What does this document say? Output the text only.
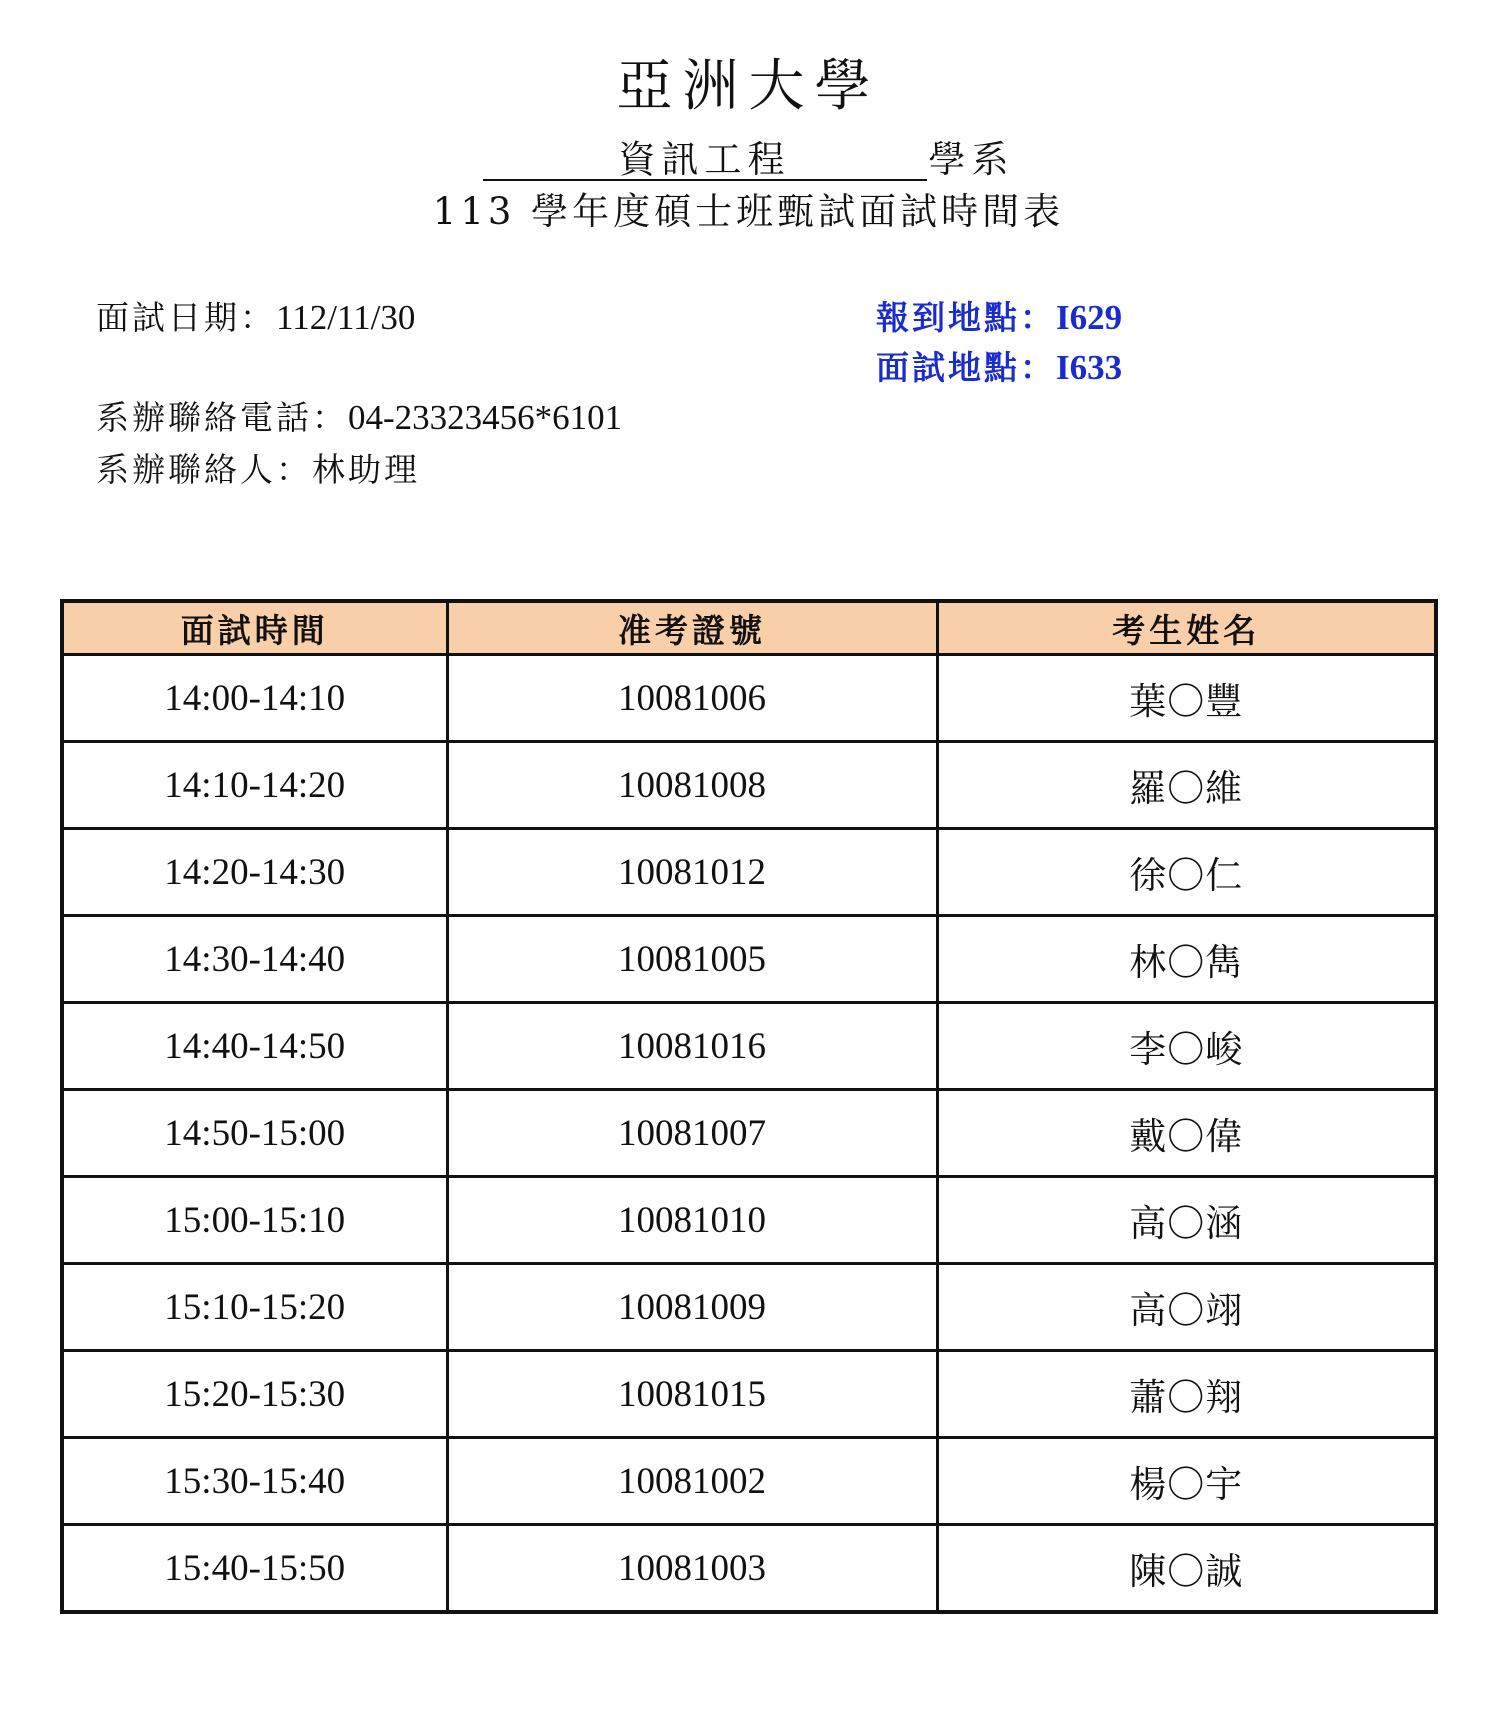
亞洲大學
資訊工程	學系
113 學年度碩士班甄試面試時間表
面試日期：112/11/30	報到地點：I629
面試地點：I633
系辦聯絡電話：04-23323456*6101
系辦聯絡人：林助理
面試時間	准考證號	考生姓名
14:00-14:10	10081006	葉〇豐
14:10-14:20	10081008	羅〇維
14:20-14:30	10081012	徐〇仁
14:30-14:40	10081005	林〇雋
14:40-14:50	10081016	李〇峻
14:50-15:00	10081007	戴〇偉
15:00-15:10	10081010	高〇涵
15:10-15:20	10081009	高〇翊
15:20-15:30	10081015	蕭〇翔
15:30-15:40	10081002	楊〇宇
15:40-15:50	10081003	陳〇誠
